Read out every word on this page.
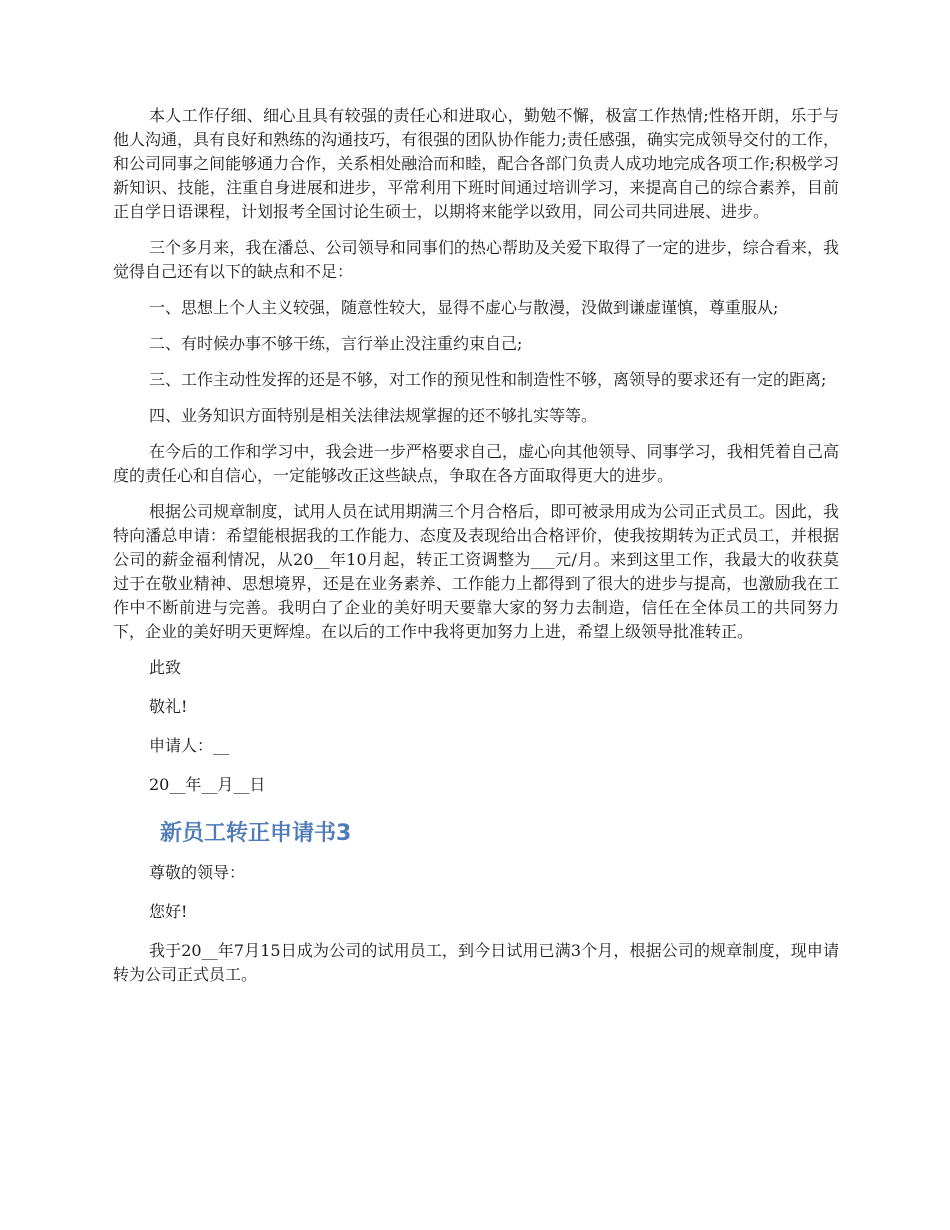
本人工作仔细、细心且具有较强的责任心和进取心，勤勉不懈，极富工作热情;性格开朗，乐于与他人沟通，具有良好和熟练的沟通技巧，有很强的团队协作能力;责任感强，确实完成领导交付的工作，和公司同事之间能够通力合作，关系相处融洽而和睦，配合各部门负责人成功地完成各项工作;积极学习新知识、技能，注重自身进展和进步，平常利用下班时间通过培训学习，来提高自己的综合素养，目前正自学日语课程，计划报考全国讨论生硕士，以期将来能学以致用，同公司共同进展、进步。

三个多月来，我在潘总、公司领导和同事们的热心帮助及关爱下取得了一定的进步，综合看来，我觉得自己还有以下的缺点和不足：

一、思想上个人主义较强，随意性较大，显得不虚心与散漫，没做到谦虚谨慎，尊重服从;

二、有时候办事不够干练，言行举止没注重约束自己;

三、工作主动性发挥的还是不够，对工作的预见性和制造性不够，离领导的要求还有一定的距离;

四、业务知识方面特别是相关法律法规掌握的还不够扎实等等。

在今后的工作和学习中，我会进一步严格要求自己，虚心向其他领导、同事学习，我相凭着自己高度的责任心和自信心，一定能够改正这些缺点，争取在各方面取得更大的进步。

根据公司规章制度，试用人员在试用期满三个月合格后，即可被录用成为公司正式员工。因此，我特向潘总申请：希望能根据我的工作能力、态度及表现给出合格评价，使我按期转为正式员工，并根据公司的薪金福利情况，从20__年10月起，转正工资调整为___元/月。来到这里工作，我最大的收获莫过于在敬业精神、思想境界，还是在业务素养、工作能力上都得到了很大的进步与提高，也激励我在工作中不断前进与完善。我明白了企业的美好明天要靠大家的努力去制造，信任在全体员工的共同努力下，企业的美好明天更辉煌。在以后的工作中我将更加努力上进，希望上级领导批准转正。

此致

敬礼!

申请人：__

20__年__月__日

新员工转正申请书3

尊敬的领导：

您好!

我于20__年7月15日成为公司的试用员工，到今日试用已满3个月，根据公司的规章制度，现申请转为公司正式员工。
